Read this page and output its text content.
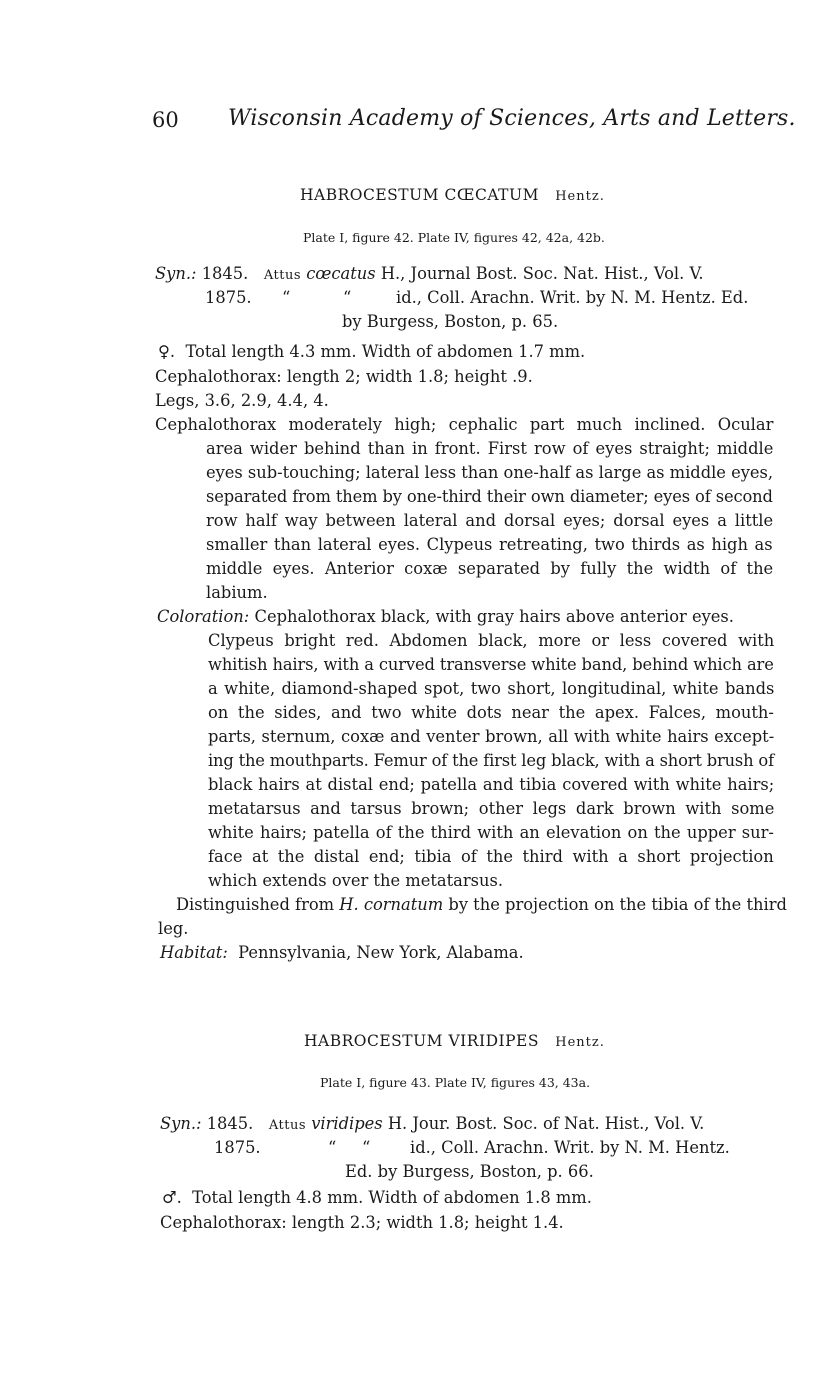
60 Wisconsin Academy of Sciences, Arts and Letters.
HABROCESTUM CŒCATUM Hentz.
Plate I, figure 42. Plate IV, figures 42, 42a, 42b.
Syn.: 1845. Attus cœcatus H., Journal Bost. Soc. Nat. Hist., Vol. V.
1875. “	“	id., Coll. Arachn. Writ. by N. M. Hentz. Ed.
by Burgess, Boston, p. 65.
♀. Total length 4.3 mm. Width of abdomen 1.7 mm.
Cephalothorax: length 2; width 1.8; height .9.
Legs, 3.6, 2.9, 4.4, 4.
Cephalothorax moderately high; cephalic part much inclined. Ocular
area wider behind than in front. First row of eyes straight; middle
eyes sub-touching; lateral less than one-half as large as middle eyes,
separated from them by one-third their own diameter; eyes of second
row half way between lateral and dorsal eyes; dorsal eyes a little
smaller than lateral eyes. Clypeus retreating, two thirds as high as
middle eyes. Anterior coxæ separated by fully the width of the
labium.
Coloration: Cephalothorax black, with gray hairs above anterior eyes.
Clypeus bright red. Abdomen black, more or less covered with
whitish hairs, with a curved transverse white band, behind which are
a white, diamond-shaped spot, two short, longitudinal, white bands
on the sides, and two white dots near the apex. Falces, mouth-
parts, sternum, coxæ and venter brown, all with white hairs except-
ing the mouthparts. Femur of the first leg black, with a short brush of
black hairs at distal end; patella and tibia covered with white hairs;
metatarsus and tarsus brown; other legs dark brown with some
white hairs; patella of the third with an elevation on the upper sur-
face at the distal end; tibia of the third with a short projection
which extends over the metatarsus.
Distinguished from H. cornatum by the projection on the tibia of the third
leg.
Habitat: Pennsylvania, New York, Alabama.
HABROCESTUM VIRIDIPES Hentz.
Plate I, figure 43. Plate IV, figures 43, 43a.
Syn.: 1845. Attus viridipes H. Jour. Bost. Soc. of Nat. Hist., Vol. V.
1875.	“ “ id., Coll. Arachn. Writ. by N. M. Hentz.
Ed. by Burgess, Boston, p. 66.
♂. Total length 4.8 mm. Width of abdomen 1.8 mm.
Cephalothorax: length 2.3; width 1.8; height 1.4.
